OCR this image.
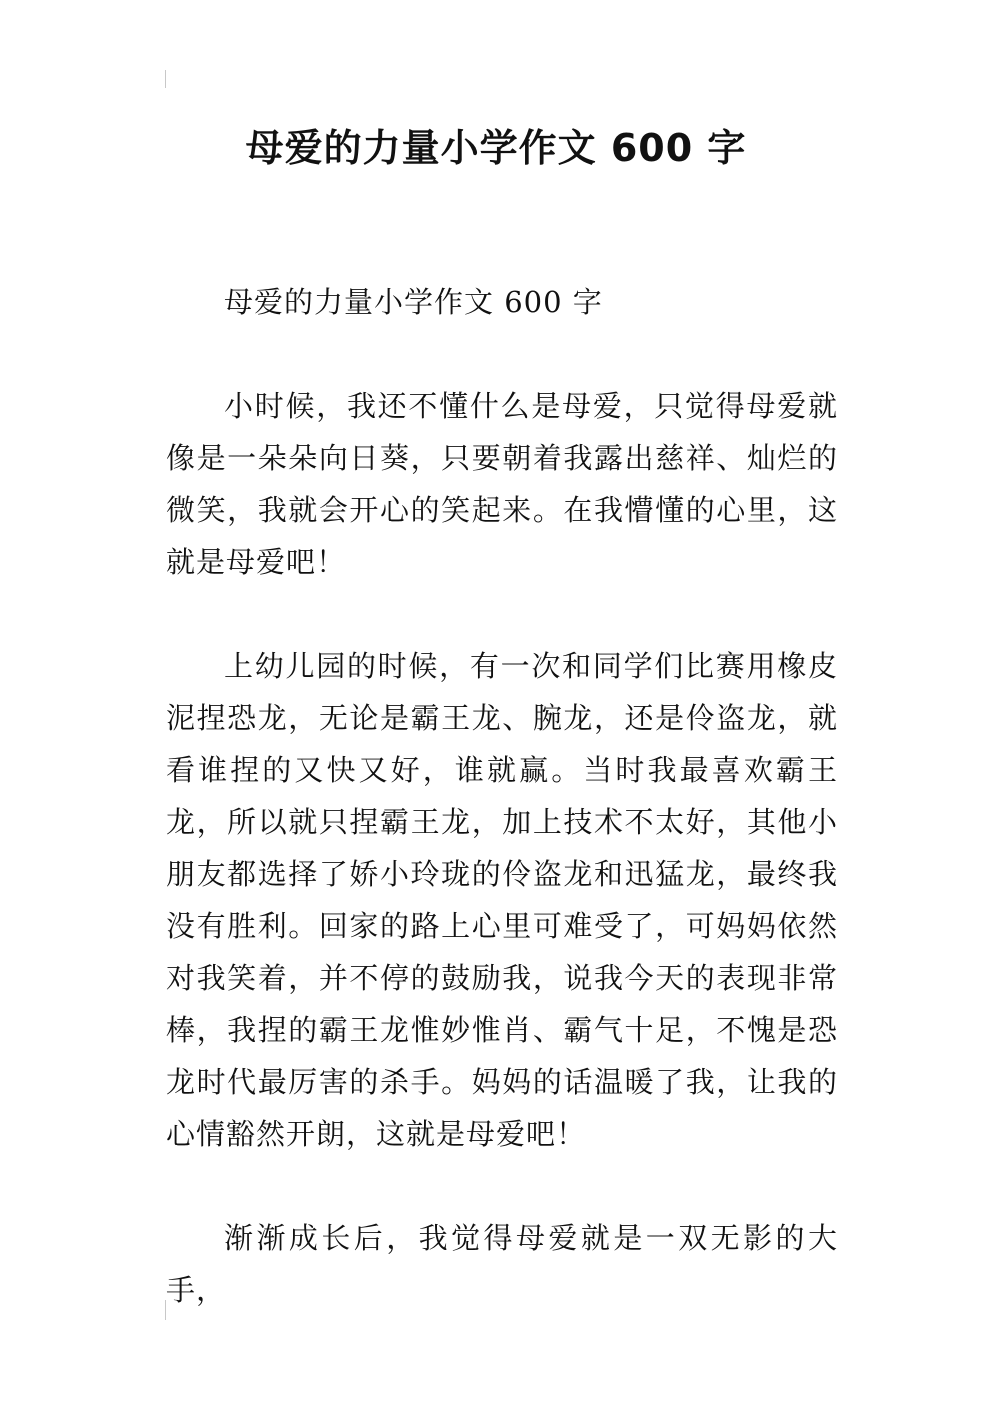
母爱的力量小学作文 600 字

母爱的力量小学作文 600 字

小时候，我还不懂什么是母爱，只觉得母爱就像是一朵朵向日葵，只要朝着我露出慈祥、灿烂的微笑，我就会开心的笑起来。在我懵懂的心里，这就是母爱吧！

上幼儿园的时候，有一次和同学们比赛用橡皮泥捏恐龙，无论是霸王龙、腕龙，还是伶盗龙，就看谁捏的又快又好，谁就赢。当时我最喜欢霸王龙，所以就只捏霸王龙，加上技术不太好，其他小朋友都选择了娇小玲珑的伶盗龙和迅猛龙，最终我没有胜利。回家的路上心里可难受了，可妈妈依然对我笑着，并不停的鼓励我，说我今天的表现非常棒，我捏的霸王龙惟妙惟肖、霸气十足，不愧是恐龙时代最厉害的杀手。妈妈的话温暖了我，让我的心情豁然开朗，这就是母爱吧！

渐渐成长后，我觉得母爱就是一双无影的大手，
